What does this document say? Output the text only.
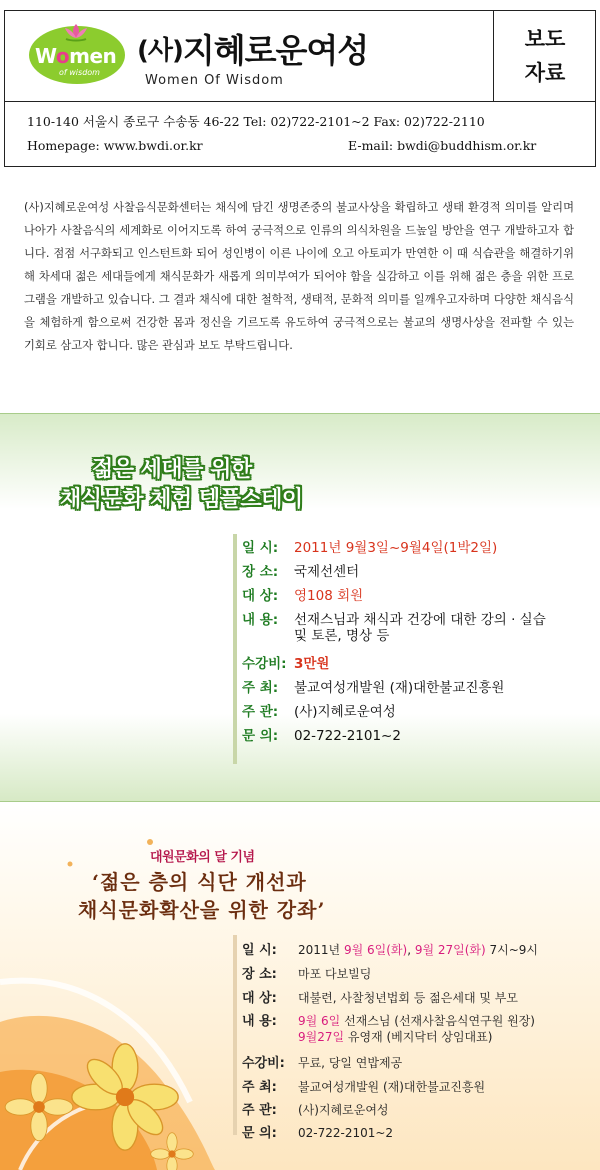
Women
of wisdom
(사)지혜로운여성
Women Of Wisdom
보도
자료
110-140 서울시 종로구 수송동 46-22 Tel: 02)722-2101~2 Fax: 02)722-2110
Homepage: www.bwdi.or.kr	E-mail: bwdi@buddhism.or.kr
(사)지혜로운여성 사찰음식문화센터는 채식에 담긴 생명존중의 불교사상을 확립하고 생태 환경적 의미를 알리며 나아가 사찰음식의 세계화로 이어지도록 하여 궁극적으로 인류의 의식차원을 드높일 방안을 연구 개발하고자 합니다. 점점 서구화되고 인스턴트화 되어 성인병이 이른 나이에 오고 아토피가 만연한 이 때 식습관을 해결하기위해 차세대 젊은 세대들에게 채식문화가 새롭게 의미부여가 되어야 함을 실감하고 이를 위해 젊은 층을 위한 프로그램을 개발하고 있습니다. 그 결과 채식에 대한 철학적, 생태적, 문화적 의미를 일깨우고자하며 다양한 채식음식을 체험하게 함으로써 건강한 몸과 정신을 기르도록 유도하여 궁극적으로는 불교의 생명사상을 전파할 수 있는 기회로 삼고자 합니다. 많은 관심과 보도 부탁드립니다.
젊은 세대를 위한
채식문화 체험 템플스테이
일 시: 2011년 9월3일~9월4일(1박2일)
장 소: 국제선센터
대 상: 영108 회원
내 용: 선재스님과 채식과 건강에 대한 강의 · 실습
및 토론, 명상 등
수강비: 3만원
주 최: 불교여성개발원 (재)대한불교진흥원
주 관: (사)지혜로운여성
문 의: 02-722-2101~2
대원문화의 달 기념
‘젊은 층의 식단 개선과
채식문화확산을 위한 강좌’
일 시: 2011년 9월 6일(화), 9월 27일(화) 7시~9시
장 소: 마포 다보빌딩
대 상: 대불련, 사찰청년법회 등 젊은세대 및 부모
내 용: 9월 6일 선재스님 (선재사찰음식연구원 원장)
9월27일 유영재 (베지닥터 상임대표)
수강비: 무료, 당일 연밥제공
주 최: 불교여성개발원 (재)대한불교진흥원
주 관: (사)지혜로운여성
문 의: 02-722-2101~2
